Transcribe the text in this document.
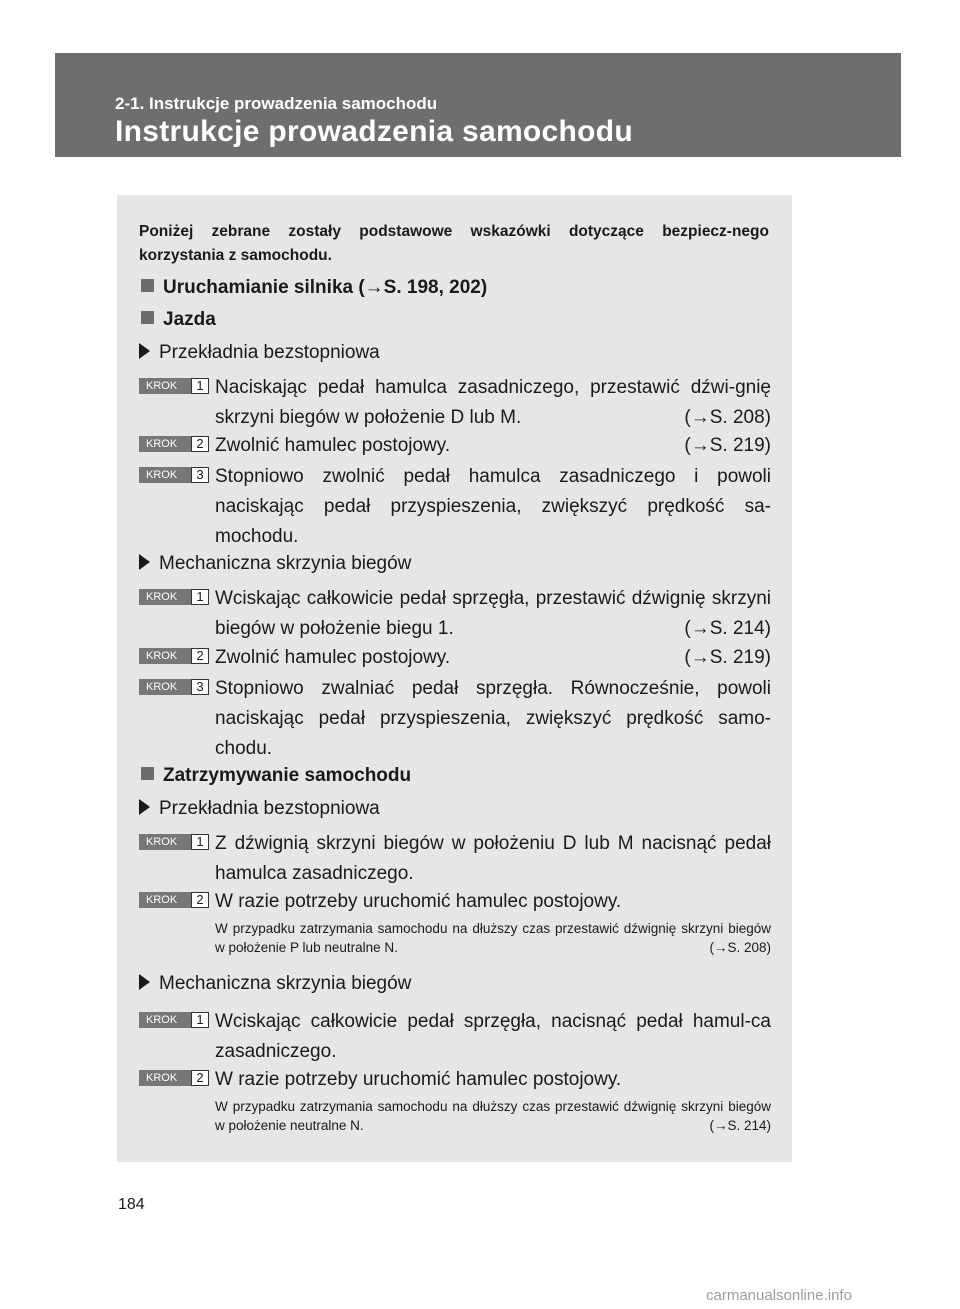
2-1. Instrukcje prowadzenia samochodu
Instrukcje prowadzenia samochodu
Poniżej zebrane zostały podstawowe wskazówki dotyczące bezpiecz-nego korzystania z samochodu.
Uruchamianie silnika (→S. 198, 202)
Jazda
Przekładnia bezstopniowa
KROK	1 Naciskając pedał hamulca zasadniczego, przestawić dźwi-gnię skrzyni biegów w położenie D lub M.	(→S. 208)
KROK	2 Zwolnić hamulec postojowy.	(→S. 219)
KROK	3 Stopniowo zwolnić pedał hamulca zasadniczego i powoli naciskając pedał przyspieszenia, zwiększyć prędkość sa-mochodu.
Mechaniczna skrzynia biegów
KROK	1 Wciskając całkowicie pedał sprzęgła, przestawić dźwignię skrzyni biegów w położenie biegu 1.	(→S. 214)
KROK	2 Zwolnić hamulec postojowy.	(→S. 219)
KROK	3 Stopniowo zwalniać pedał sprzęgła. Równocześnie, powoli naciskając pedał przyspieszenia, zwiększyć prędkość samo-chodu.
Zatrzymywanie samochodu
Przekładnia bezstopniowa
KROK	1 Z dźwignią skrzyni biegów w położeniu D lub M nacisnąć pedał hamulca zasadniczego.
KROK	2 W razie potrzeby uruchomić hamulec postojowy.
W przypadku zatrzymania samochodu na dłuższy czas przestawić dźwignię skrzyni biegów w położenie P lub neutralne N.	(→S. 208)
Mechaniczna skrzynia biegów
KROK	1 Wciskając całkowicie pedał sprzęgła, nacisnąć pedał hamul-ca zasadniczego.
KROK	2 W razie potrzeby uruchomić hamulec postojowy.
W przypadku zatrzymania samochodu na dłuższy czas przestawić dźwignię skrzyni biegów w położenie neutralne N.	(→S. 214)
184
carmanualsonline.info
